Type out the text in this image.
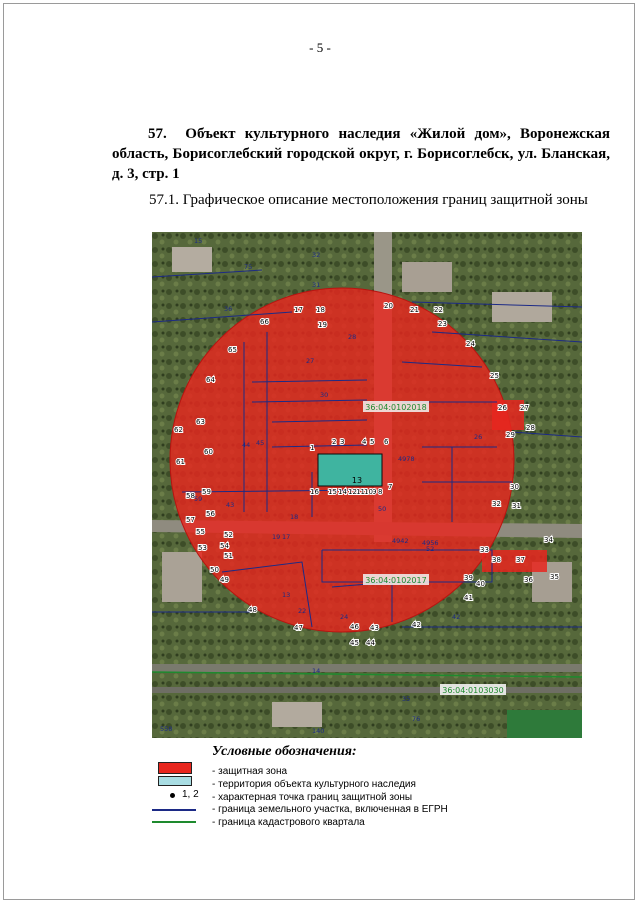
- 5 -
57. Объект культурного наследия «Жилой дом», Воронежская область, Борисоглебский городской округ, г. Борисоглебск, ул. Бланская, д. 3, стр. 1
57.1. Графическое описание местоположения границ защитной зоны
13
36:04:0102018
36:04:0102017
36:04:0103030
1
2 3	4 5 6
7
8
9
10
11
12
14
15
16
17 18
19
20 21 22
23
24
25
26 27
28
29
30
31
32
33
34
35
36
37
38
39
40
41
42
43
44
45
46
47
48
49
50
51
52
53 54
55
56
57
58 59
60
61
62
63
64
65
66
4978
4942 4956
75
76
17
18
19
27
30
36
43
44 45
28
24
22
50
52
59
15
32
31
26
42
13
14
35
140
558
Условные обозначения:
- защитная зона
- территория объекта культурного наследия
1, 2 - характерная точка границ защитной зоны
- граница земельного участка, включенная в ЕГРН
- граница кадастрового квартала
